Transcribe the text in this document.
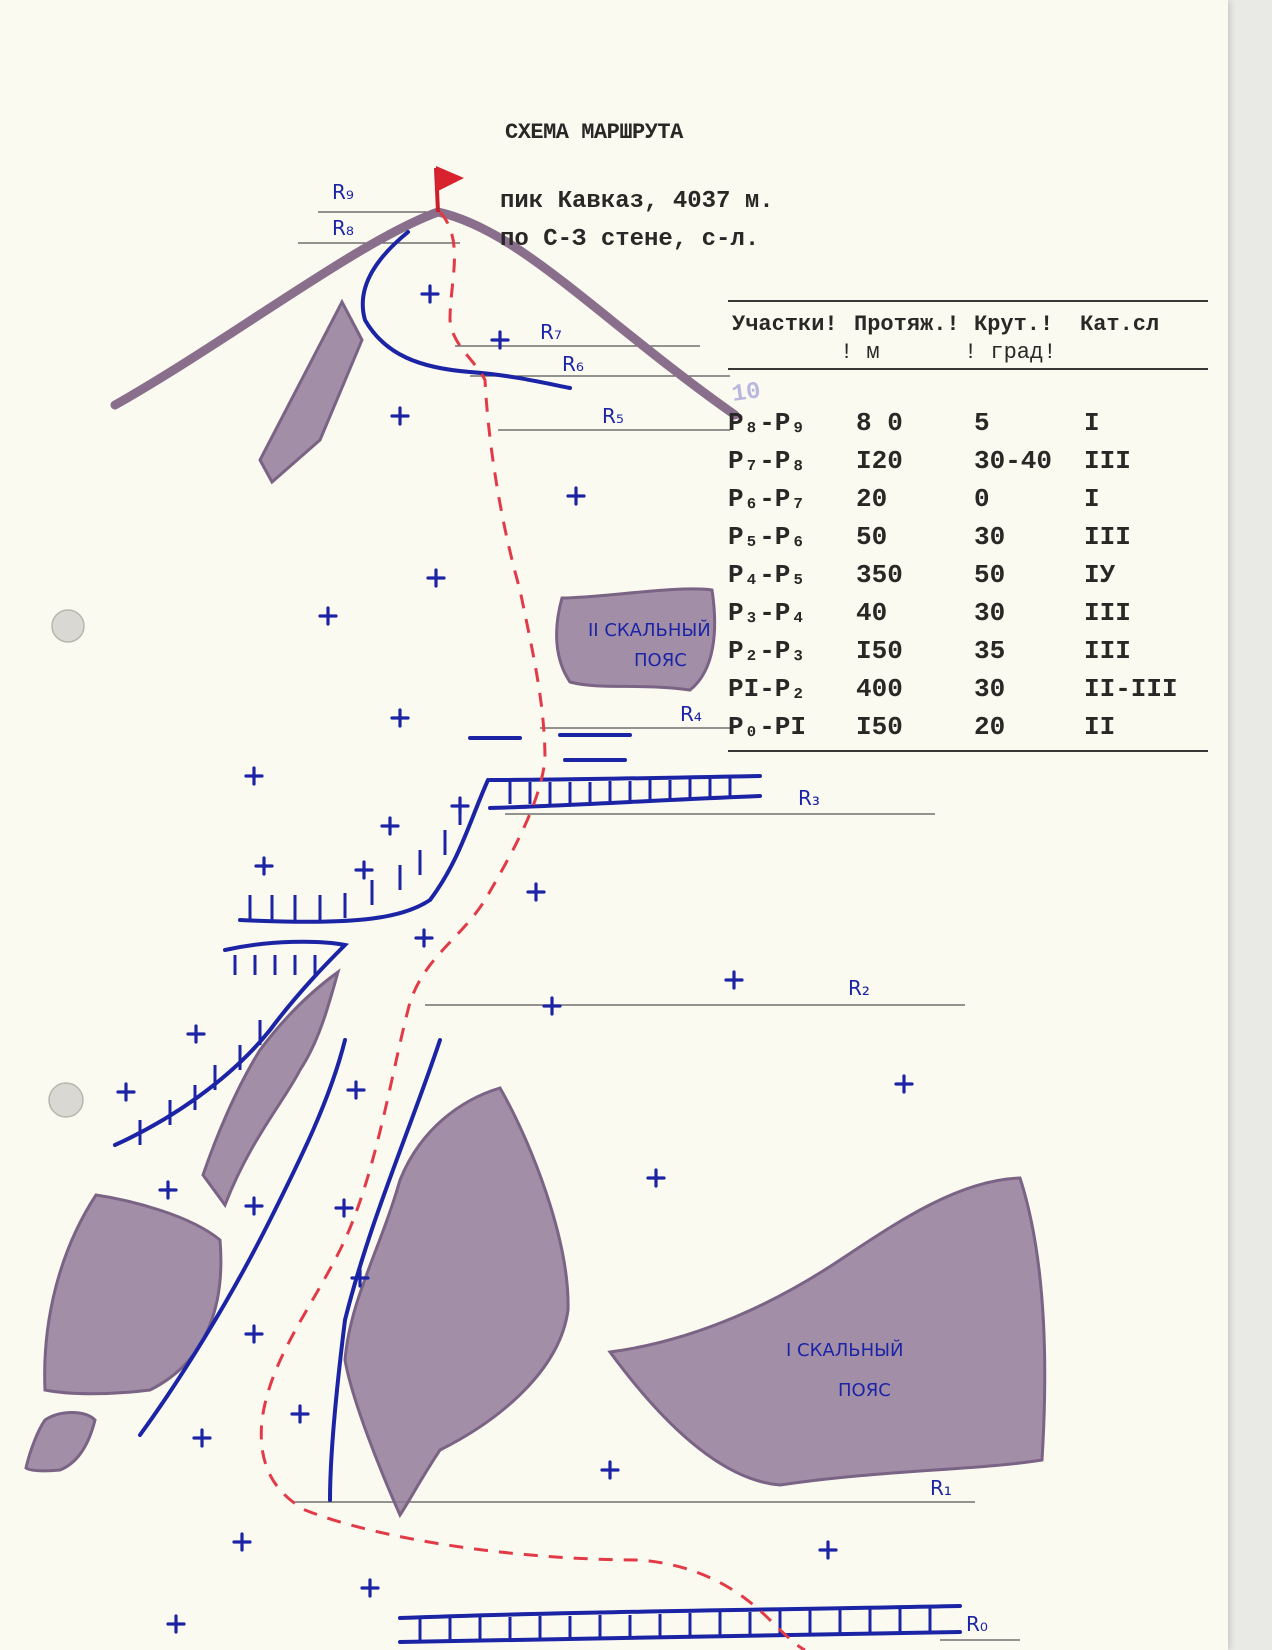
СХЕМА МАРШРУТА
пик Кавказ, 4037 м.
по С-З стене, с-л.
R₉
R₈
R₇
R₆
R₅
R₄
R₃
R₂
R₁
R₀
II СКАЛЬНЫЙ
ПОЯС
I СКАЛЬНЫЙ
ПОЯС
Участки! Протяж.! Крут.! Кат.сл
! м	! град!
P₈-P₉ 8 0	5	I
P₇-P₈ I20	30-40 III
P₆-P₇ 20	0	I
P₅-P₆ 50	30	III
P₄-P₅ 350	50	IУ
P₃-P₄ 40	30	III
P₂-P₃ I50	35	III
PI-P₂ 400	30	II-III
P₀-PI I50	20	II
10
